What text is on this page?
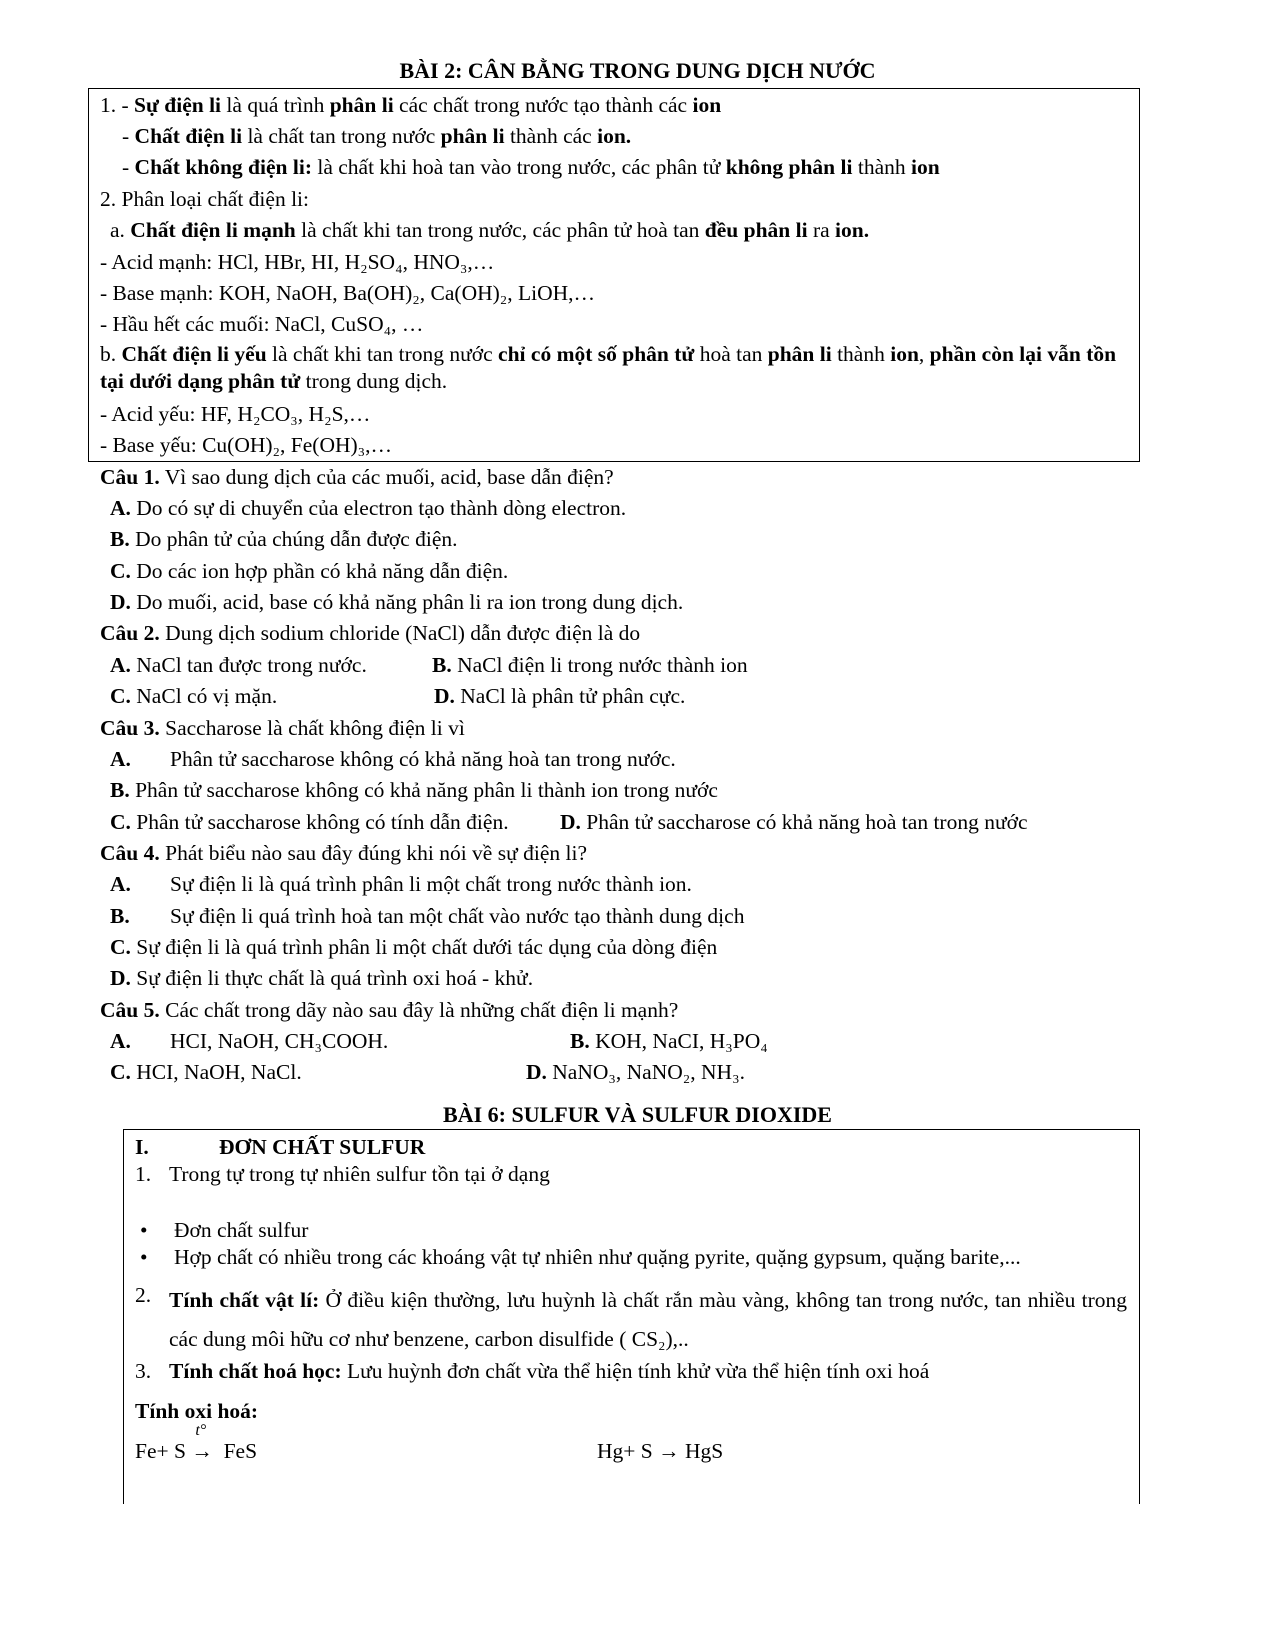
BÀI 2: CÂN BẰNG TRONG DUNG DỊCH NƯỚC
1. - Sự điện li là quá trình phân li các chất trong nước tạo thành các ion
- Chất điện li là chất tan trong nước phân li thành các ion.
- Chất không điện li: là chất khi hoà tan vào trong nước, các phân tử không phân li thành ion
2. Phân loại chất điện li:
a. Chất điện li mạnh là chất khi tan trong nước, các phân tử hoà tan đều phân li ra ion.
- Acid mạnh: HCl, HBr, HI, H₂SO₄, HNO₃,…
- Base mạnh: KOH, NaOH, Ba(OH)₂, Ca(OH)₂, LiOH,…
- Hầu hết các muối: NaCl, CuSO₄, …
b. Chất điện li yếu là chất khi tan trong nước chỉ có một số phân tử hoà tan phân li thành ion, phần còn lại vẫn tồn tại dưới dạng phân tử trong dung dịch.
- Acid yếu: HF, H₂CO₃, H₂S,…
- Base yếu: Cu(OH)₂, Fe(OH)₃,…
Câu 1. Vì sao dung dịch của các muối, acid, base dẫn điện?
A. Do có sự di chuyển của electron tạo thành dòng electron.
B. Do phân tử của chúng dẫn được điện.
C. Do các ion hợp phần có khả năng dẫn điện.
D. Do muối, acid, base có khả năng phân li ra ion trong dung dịch.
Câu 2. Dung dịch sodium chloride (NaCl) dẫn được điện là do
A. NaCl tan được trong nước.	B. NaCl điện li trong nước thành ion
C. NaCl có vị mặn.	D. NaCl là phân tử phân cực.
Câu 3. Saccharose là chất không điện li vì
A. Phân tử saccharose không có khả năng hoà tan trong nước.
B. Phân tử saccharose không có khả năng phân li thành ion trong nước
C. Phân tử saccharose không có tính dẫn điện. D. Phân tử saccharose có khả năng hoà tan trong nước
Câu 4. Phát biểu nào sau đây đúng khi nói về sự điện li?
A. Sự điện li là quá trình phân li một chất trong nước thành ion.
B. Sự điện li quá trình hoà tan một chất vào nước tạo thành dung dịch
C. Sự điện li là quá trình phân li một chất dưới tác dụng của dòng điện
D. Sự điện li thực chất là quá trình oxi hoá - khử.
Câu 5. Các chất trong dãy nào sau đây là những chất điện li mạnh?
A. HCI, NaOH, CH₃COOH.	B. KOH, NaCI, H₃PO₄
C. HCI, NaOH, NaCl.	D. NaNO₃, NaNO₂, NH₃.
BÀI 6: SULFUR VÀ SULFUR DIOXIDE
I.	ĐƠN CHẤT SULFUR
1. Trong tự trong tự nhiên sulfur tồn tại ở dạng
• Đơn chất sulfur
• Hợp chất có nhiều trong các khoáng vật tự nhiên như quặng pyrite, quặng gypsum, quặng barite,...
2. Tính chất vật lí: Ở điều kiện thường, lưu huỳnh là chất rắn màu vàng, không tan trong nước, tan nhiều trong các dung môi hữu cơ như benzene, carbon disulfide ( CS₂),..
3. Tính chất hoá học: Lưu huỳnh đơn chất vừa thể hiện tính khử vừa thể hiện tính oxi hoá
Tính oxi hoá:
Fe+ S
t°
→ FeS	Hg+ S → HgS
